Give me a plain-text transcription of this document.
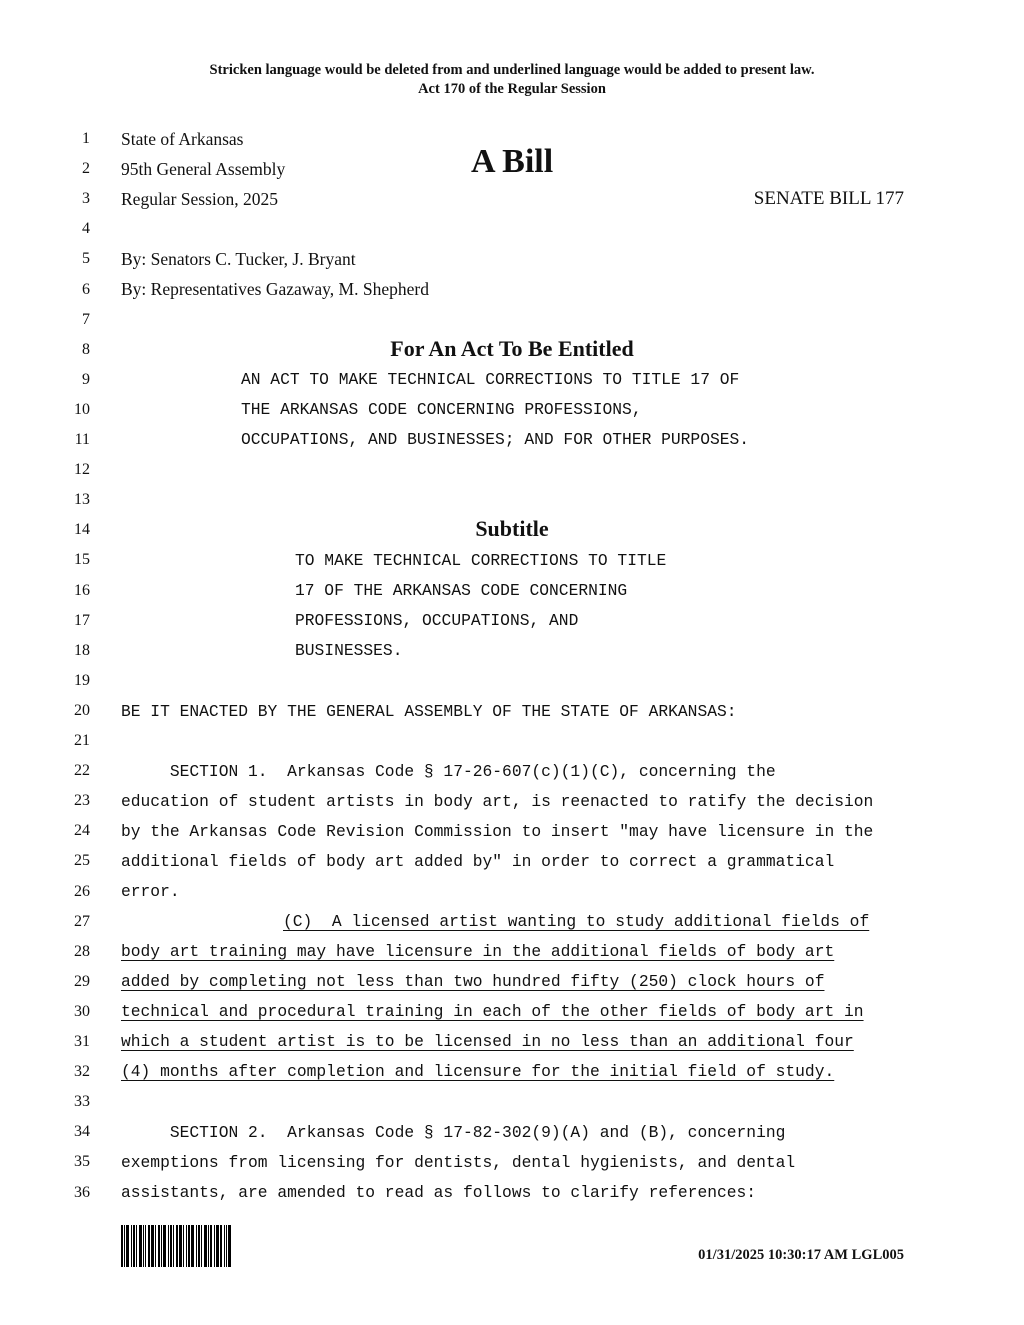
Stricken language would be deleted from and underlined language would be added to present law.
Act 170 of the Regular Session
1
2
3
4
5
6
7
8
9
10
11
12
13
14
15
16
17
18
19
20
21
22
23
24
25
26
27
28
29
30
31
32
33
34
35
36
State of Arkansas
95th General Assembly
Regular Session, 2025
A Bill
SENATE BILL 177
By: Senators C. Tucker, J. Bryant
By: Representatives Gazaway, M. Shepherd
For An Act To Be Entitled
AN ACT TO MAKE TECHNICAL CORRECTIONS TO TITLE 17 OF
THE ARKANSAS CODE CONCERNING PROFESSIONS,
OCCUPATIONS, AND BUSINESSES; AND FOR OTHER PURPOSES.
Subtitle
TO MAKE TECHNICAL CORRECTIONS TO TITLE
17 OF THE ARKANSAS CODE CONCERNING
PROFESSIONS, OCCUPATIONS, AND
BUSINESSES.
BE IT ENACTED BY THE GENERAL ASSEMBLY OF THE STATE OF ARKANSAS:
SECTION 1.  Arkansas Code § 17-26-607(c)(1)(C), concerning the
education of student artists in body art, is reenacted to ratify the decision
by the Arkansas Code Revision Commission to insert "may have licensure in the
additional fields of body art added by" in order to correct a grammatical
error.
(C)  A licensed artist wanting to study additional fields of
body art training may have licensure in the additional fields of body art
added by completing not less than two hundred fifty (250) clock hours of
technical and procedural training in each of the other fields of body art in
which a student artist is to be licensed in no less than an additional four
(4) months after completion and licensure for the initial field of study.
SECTION 2.  Arkansas Code § 17-82-302(9)(A) and (B), concerning
exemptions from licensing for dentists, dental hygienists, and dental
assistants, are amended to read as follows to clarify references:
01/31/2025 10:30:17 AM LGL005
